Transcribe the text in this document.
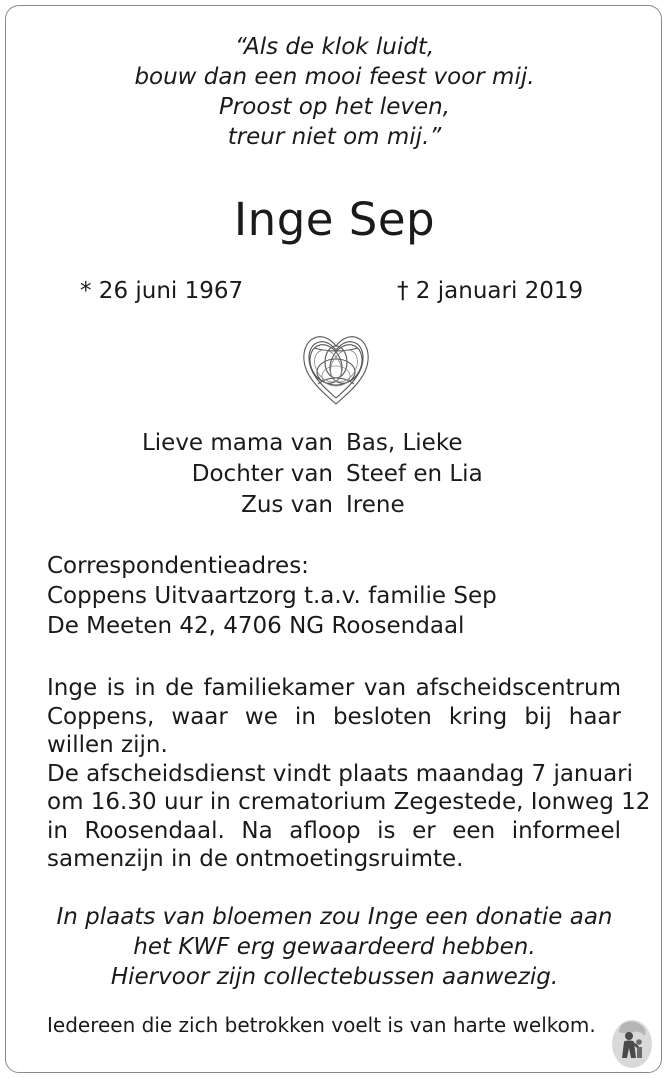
“Als de klok luidt,
bouw dan een mooi feest voor mij.
Proost op het leven,
treur niet om mij.”
Inge Sep
* 26 juni 1967	† 2 januari 2019
Lieve mama van Bas, Lieke
Dochter van Steef en Lia
Zus van Irene
Correspondentieadres:
Coppens Uitvaartzorg t.a.v. familie Sep
De Meeten 42, 4706 NG Roosendaal
Inge is in de familiekamer van afscheidscentrum
Coppens, waar we in besloten kring bij haar
willen zijn.
De afscheidsdienst vindt plaats maandag 7 januari
om 16.30 uur in crematorium Zegestede, Ionweg 12
in Roosendaal. Na afloop is er een informeel
samenzijn in de ontmoetingsruimte.
In plaats van bloemen zou Inge een donatie aan
het KWF erg gewaardeerd hebben.
Hiervoor zijn collectebussen aanwezig.
Iedereen die zich betrokken voelt is van harte welkom.
